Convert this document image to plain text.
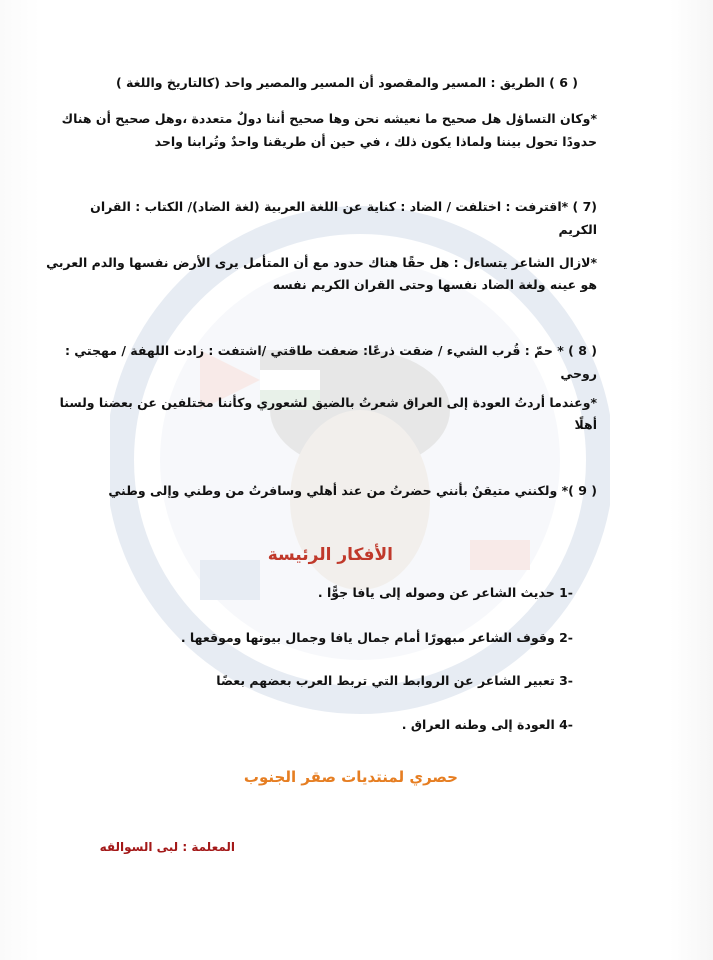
( 6 ) الطريق : المسير والمقصود أن المسير والمصير واحد (كالتاريخ واللغة )
*وكان التساؤل هل صحيح ما نعيشه نحن وها صحيح أننا دولٌ متعددة ،وهل صحيح أن هناك
حدودًا تحول بيننا ولماذا يكون ذلك ، في حين أن طريقنا واحدٌ وتُرابنا واحد
(7 ) *اقترفت : اختلفت / الضاد : كناية عن اللغة العربية (لغة الضاد)/ الكتاب : القران
الكريم
*لازال الشاعر يتساءل : هل حقًا هناك حدود مع أن المتأمل يرى الأرض نفسها والدم العربي
هو عينه ولغة الضاد نفسها وحتى القران الكريم نفسه
( 8 ) * حمّ : قُرب الشيء / ضقت ذرعًا: ضعفت طاقتي /اشتفت : زادت اللهفة / مهجتي :
روحي
*وعندما أردتُ العودة إلى العراق شعرتُ بالضيق لشعوري وكأننا مختلفين عن بعضنا ولسنا
أهلًا
( 9 )* ولكنني متيقنٌ بأنني حضرتُ من عند أهلي وسافرتُ من وطني وإلى وطني
الأفكار الرئيسة
-1 حديث الشاعر عن وصوله إلى يافا جوًّا .
-2 وقوف الشاعر مبهورًا أمام جمال يافا وجمال بيوتها وموقعها .
-3 تعبير الشاعر عن الروابط التي تربط العرب بعضهم بعضًا
-4 العودة إلى وطنه العراق .
حصري لمنتديات صقر الجنوب
المعلمة : لبى السوالقه
